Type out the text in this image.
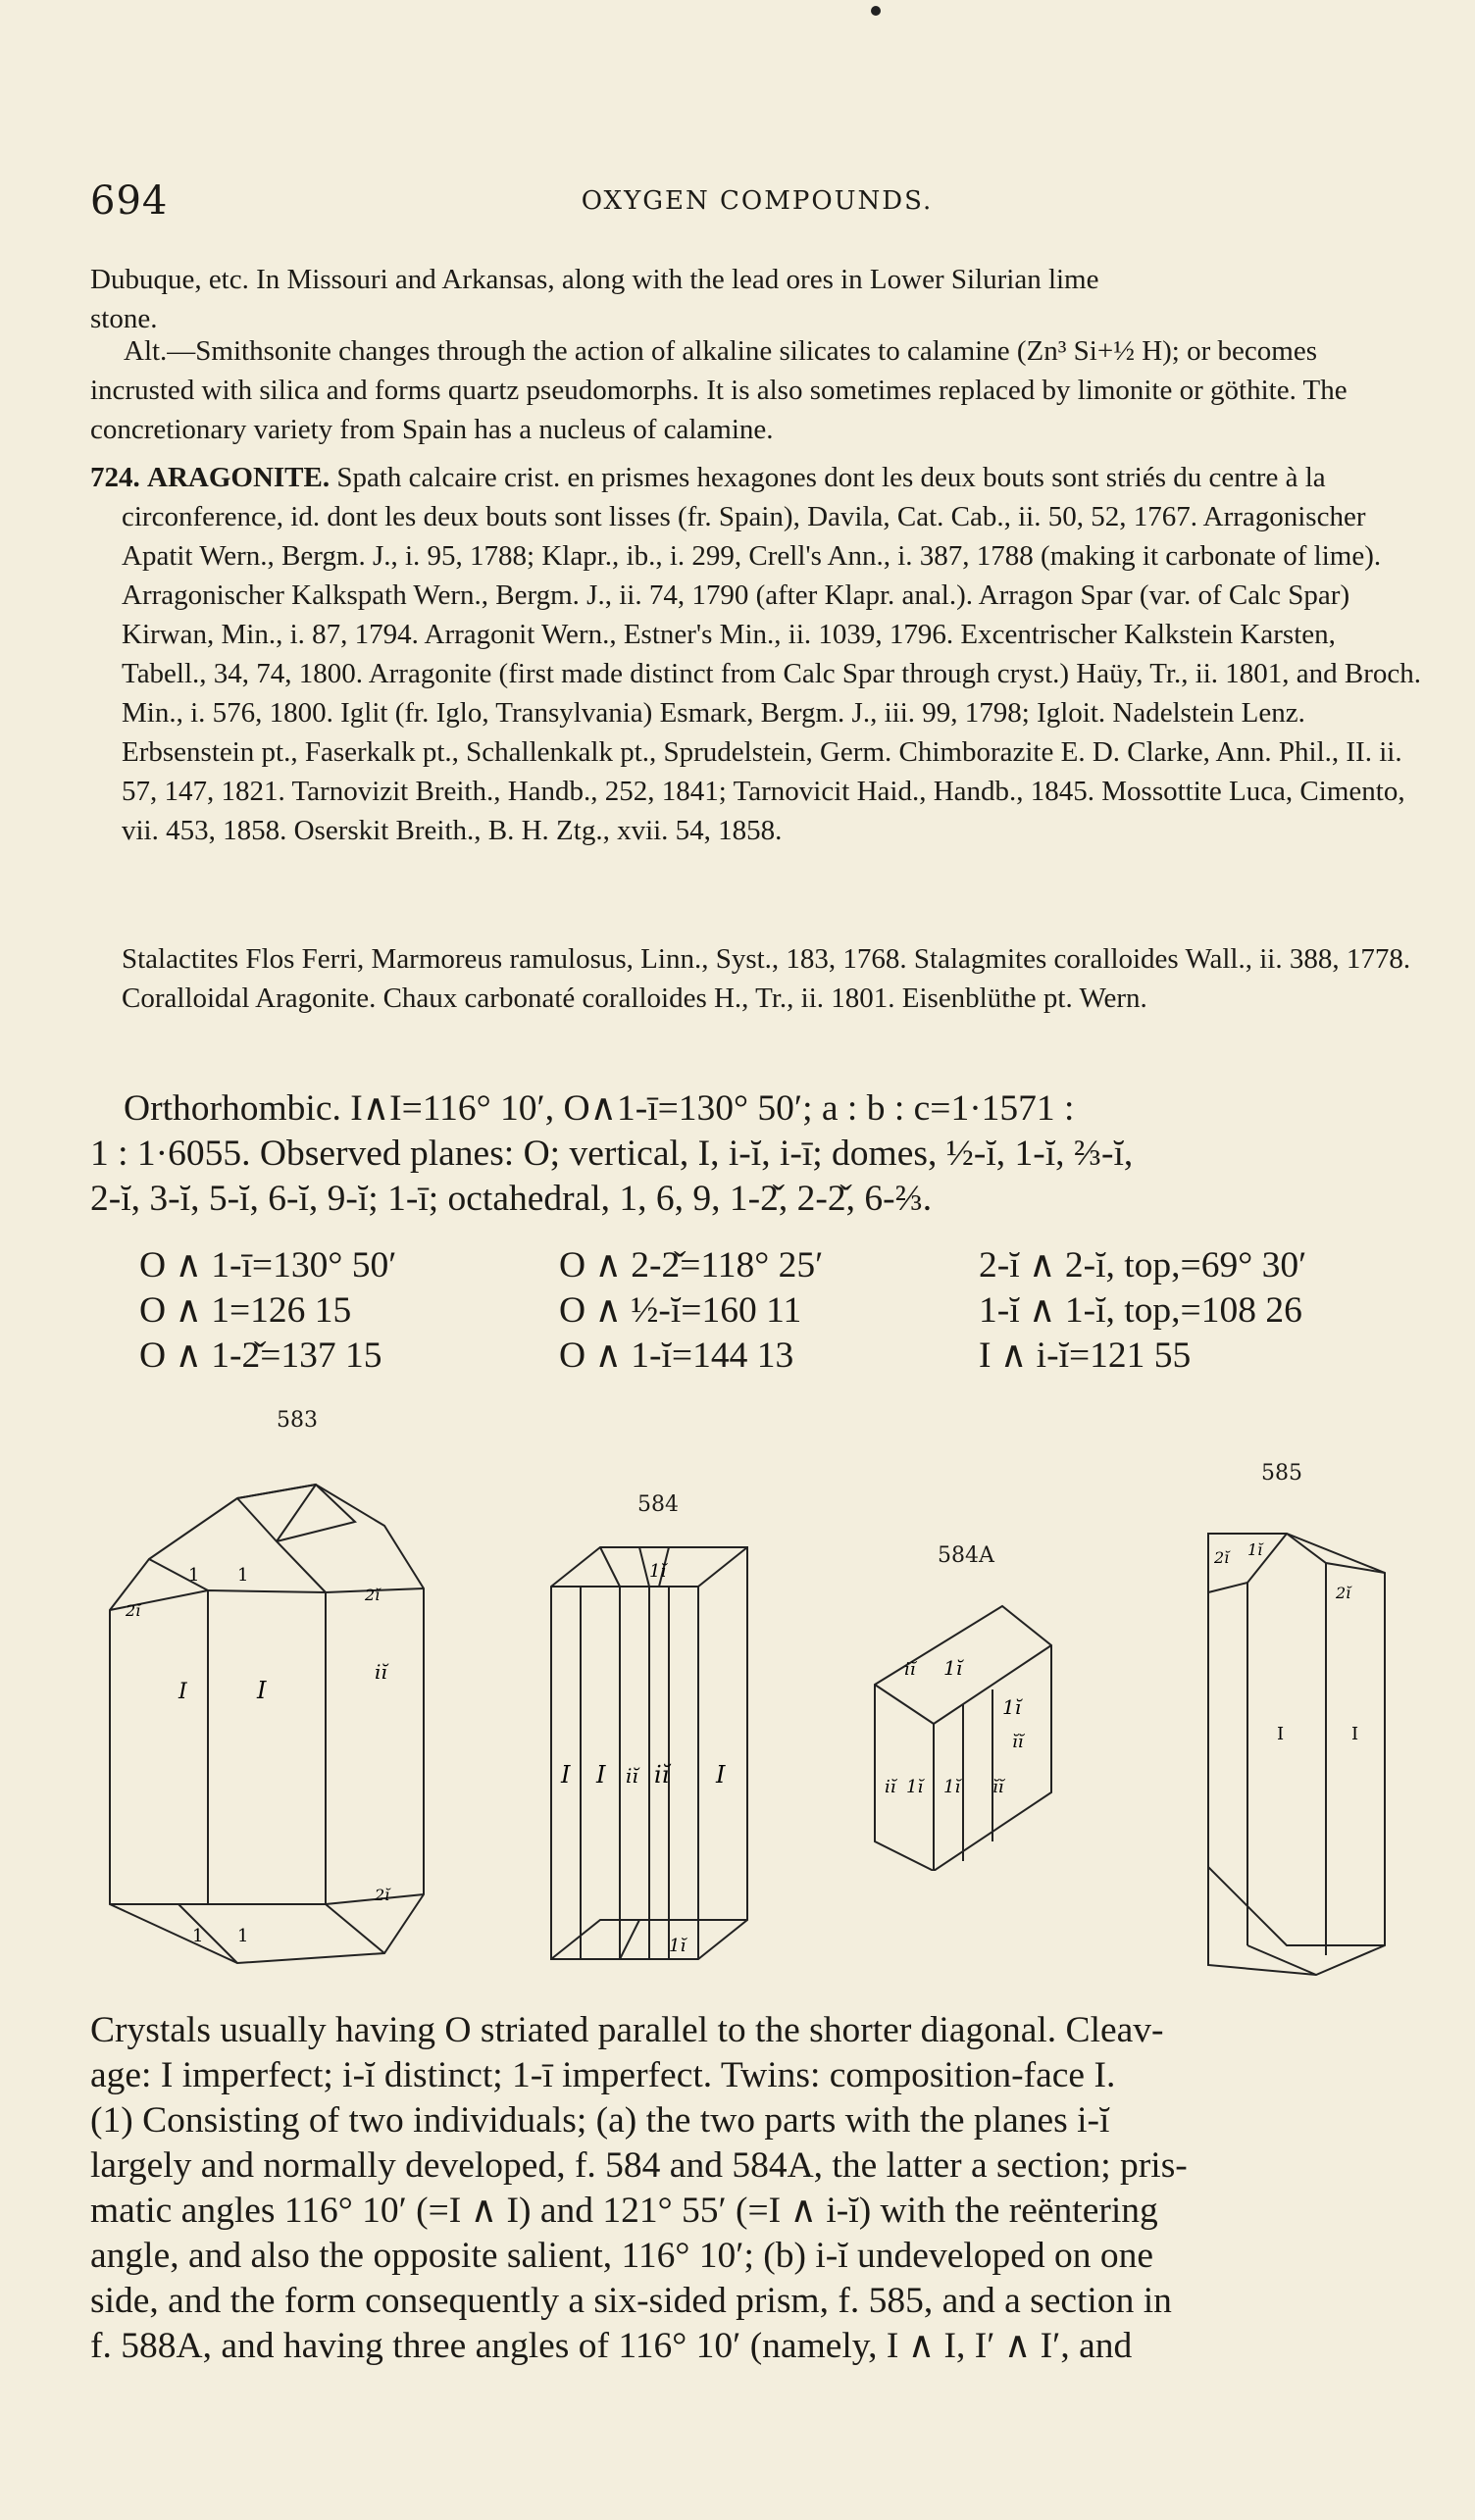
694	OXYGEN COMPOUNDS.
Dubuque, etc. In Missouri and Arkansas, along with the lead ores in Lower Silurian lime
stone.
Alt.—Smithsonite changes through the action of alkaline silicates to calamine (Zn³ Si+½ H); or becomes incrusted with silica and forms quartz pseudomorphs. It is also sometimes replaced by limonite or göthite. The concretionary variety from Spain has a nucleus of calamine.
724. ARAGONITE. Spath calcaire crist. en prismes hexagones dont les deux bouts sont striés du centre à la circonference, id. dont les deux bouts sont lisses (fr. Spain), Davila, Cat. Cab., ii. 50, 52, 1767. Arragonischer Apatit Wern., Bergm. J., i. 95, 1788; Klapr., ib., i. 299, Crell's Ann., i. 387, 1788 (making it carbonate of lime). Arragonischer Kalkspath Wern., Bergm. J., ii. 74, 1790 (after Klapr. anal.). Arragon Spar (var. of Calc Spar) Kirwan, Min., i. 87, 1794. Arragonit Wern., Estner's Min., ii. 1039, 1796. Excentrischer Kalkstein Karsten, Tabell., 34, 74, 1800. Arragonite (first made distinct from Calc Spar through cryst.) Haüy, Tr., ii. 1801, and Broch. Min., i. 576, 1800. Iglit (fr. Iglo, Transylvania) Esmark, Bergm. J., iii. 99, 1798; Igloit. Nadelstein Lenz. Erbsenstein pt., Faserkalk pt., Schallenkalk pt., Sprudelstein, Germ. Chimborazite E. D. Clarke, Ann. Phil., II. ii. 57, 147, 1821. Tarnovizit Breith., Handb., 252, 1841; Tarnovicit Haid., Handb., 1845. Mossottite Luca, Cimento, vii. 453, 1858. Oserskit Breith., B. H. Ztg., xvii. 54, 1858.
Stalactites Flos Ferri, Marmoreus ramulosus, Linn., Syst., 183, 1768. Stalagmites coralloides Wall., ii. 388, 1778. Coralloidal Aragonite. Chaux carbonaté coralloides H., Tr., ii. 1801. Eisenblüthe pt. Wern.
Orthorhombic. I∧I=116° 10′, O∧1-ī=130° 50′; a : b : c=1·1571 :
1 : 1·6055. Observed planes: O; vertical, I, i-ĭ, i-ī; domes, ½-ĭ, 1-ĭ, ⅔-ĭ,
2-ĭ, 3-ĭ, 5-ĭ, 6-ĭ, 9-ĭ; 1-ī; octahedral, 1, 6, 9, 1-2̌, 2-2̌, 6-⅔.
O ∧ 1-ī=130° 50′	O ∧ 2-2̌=118° 25′	2-ĭ ∧ 2-ĭ, top,=69° 30′
O ∧ 1=126 15	O ∧ ½-ĭ=160 11	1-ĭ ∧ 1-ĭ, top,=108 26
O ∧ 1-2̌=137 15	O ∧ 1-ĭ=144 13	I ∧ i-ĭ=121 55
583
I	I
iĭ
1 1
2ĭ
2ĭ
2ĭ
1 1
584
I I iĭ iĭ I
1ĭ
1ĭ
584A
iĭ 1ĭ
1ĭ
ĭĭ
iĭ 1ĭ 1ĭ ĭĭ
585
2ĭ 1ĭ
2ĭ
I	I
Crystals usually having O striated parallel to the shorter diagonal. Cleav-
age: I imperfect; i-ĭ distinct; 1-ī imperfect. Twins: composition-face I.
(1) Consisting of two individuals; (a) the two parts with the planes i-ĭ
largely and normally developed, f. 584 and 584A, the latter a section; pris-
matic angles 116° 10′ (=I ∧ I) and 121° 55′ (=I ∧ i-ĭ) with the reëntering
angle, and also the opposite salient, 116° 10′; (b) i-ĭ undeveloped on one
side, and the form consequently a six-sided prism, f. 585, and a section in
f. 588A, and having three angles of 116° 10′ (namely, I ∧ I, I′ ∧ I′, and
